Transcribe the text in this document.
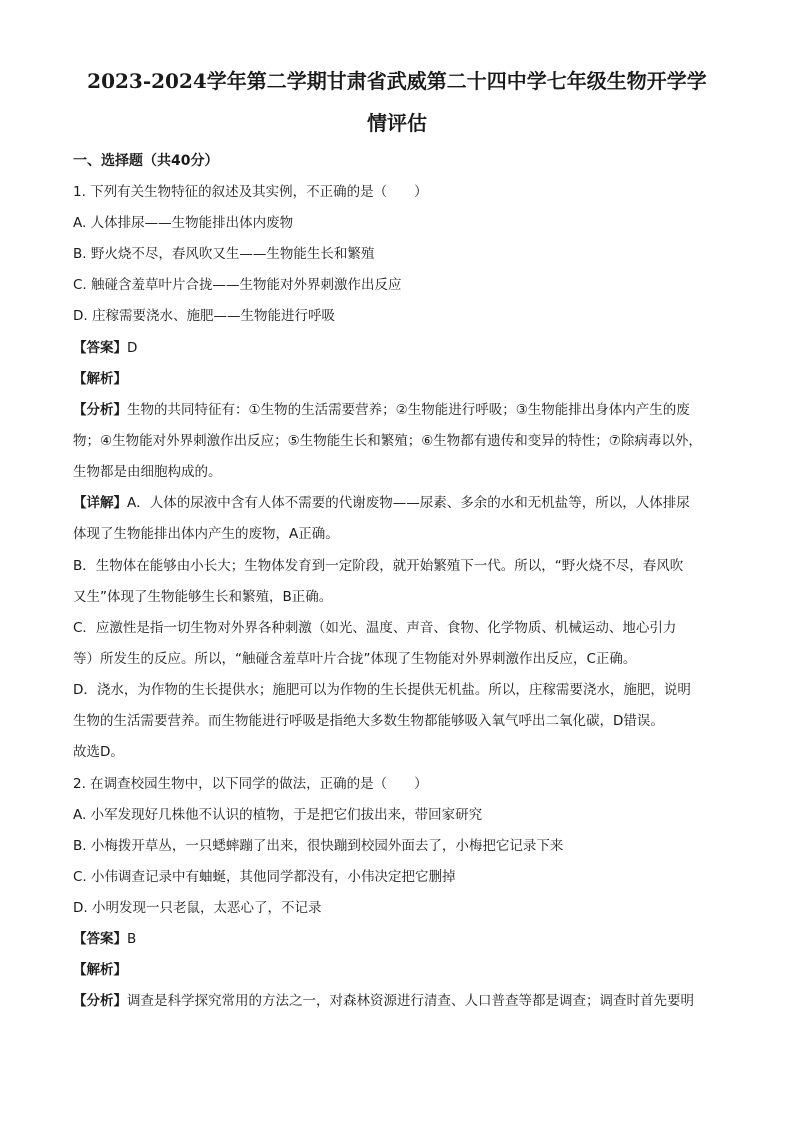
2023-2024学年第二学期甘肃省武威第二十四中学七年级生物开学学
情评估
一、选择题（共40分）
1. 下列有关生物特征的叙述及其实例，不正确的是（　　）
A. 人体排尿——生物能排出体内废物
B. 野火烧不尽，春风吹又生——生物能生长和繁殖
C. 触碰含羞草叶片合拢——生物能对外界刺激作出反应
D. 庄稼需要浇水、施肥——生物能进行呼吸
【答案】D
【解析】
【分析】生物的共同特征有：①生物的生活需要营养；②生物能进行呼吸；③生物能排出身体内产生的废
物；④生物能对外界刺激作出反应；⑤生物能生长和繁殖；⑥生物都有遗传和变异的特性；⑦除病毒以外，
生物都是由细胞构成的。
【详解】A．人体的尿液中含有人体不需要的代谢废物——尿素、多余的水和无机盐等，所以，人体排尿
体现了生物能排出体内产生的废物，A正确。
B．生物体在能够由小长大；生物体发育到一定阶段，就开始繁殖下一代。所以，“野火烧不尽，春风吹
又生”体现了生物能够生长和繁殖，B正确。
C．应激性是指一切生物对外界各种刺激（如光、温度、声音、食物、化学物质、机械运动、地心引力
等）所发生的反应。所以，“触碰含羞草叶片合拢”体现了生物能对外界刺激作出反应，C正确。
D．浇水，为作物的生长提供水；施肥可以为作物的生长提供无机盐。所以，庄稼需要浇水，施肥，说明
生物的生活需要营养。而生物能进行呼吸是指绝大多数生物都能够吸入氧气呼出二氧化碳，D错误。
故选D。
2. 在调查校园生物中，以下同学的做法，正确的是（　　）
A. 小军发现好几株他不认识的植物，于是把它们拔出来，带回家研究
B. 小梅拨开草丛，一只蟋蟀蹦了出来，很快蹦到校园外面去了，小梅把它记录下来
C. 小伟调查记录中有蚰蜒，其他同学都没有，小伟决定把它删掉
D. 小明发现一只老鼠，太恶心了，不记录
【答案】B
【解析】
【分析】调查是科学探究常用的方法之一，对森林资源进行清查、人口普查等都是调查；调查时首先要明
